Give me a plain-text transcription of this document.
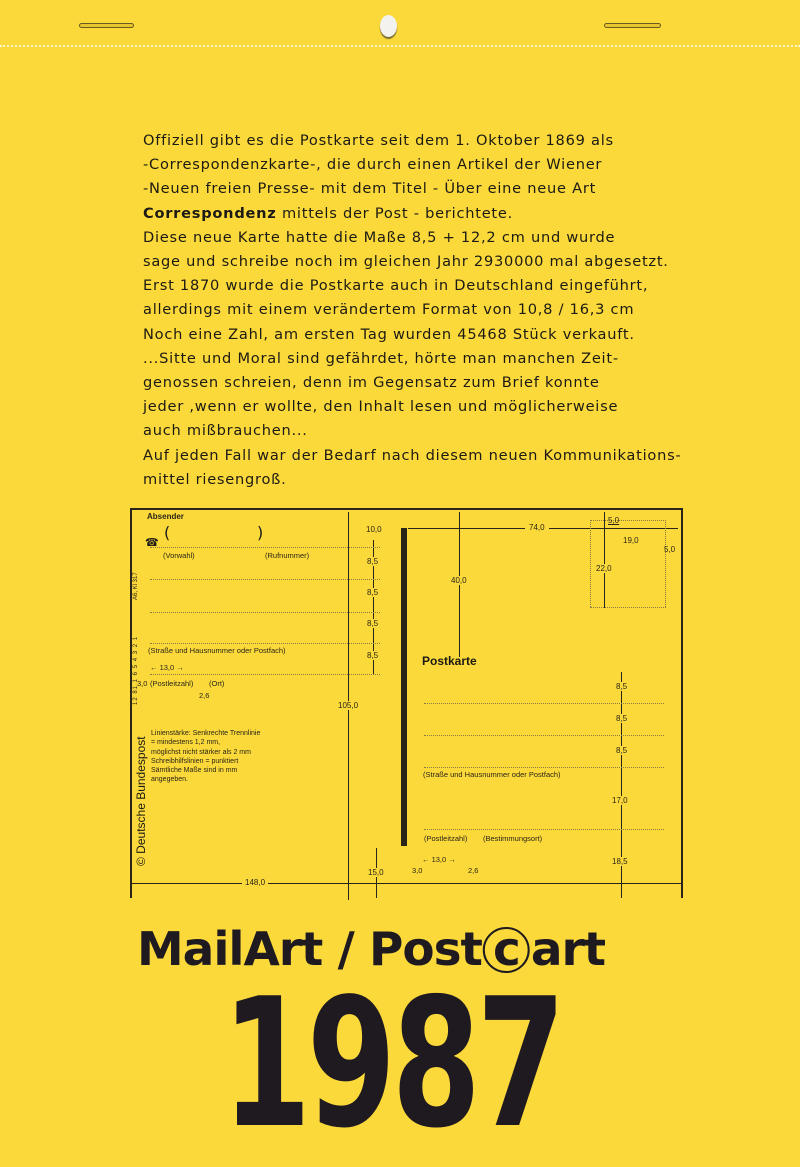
Offiziell gibt es die Postkarte seit dem 1. Oktober 1869 als
-Correspondenzkarte-, die durch einen Artikel der Wiener
-Neuen freien Presse- mit dem Titel - Über eine neue Art
Correspondenz mittels der Post - berichtete.
Diese neue Karte hatte die Maße 8,5 + 12,2 cm und wurde
sage und schreibe noch im gleichen Jahr 2930000 mal abgesetzt.
Erst 1870 wurde die Postkarte auch in Deutschland eingeführt,
allerdings mit einem verändertem Format von 10,8 / 16,3 cm
Noch eine Zahl, am ersten Tag wurden 45468 Stück verkauft.
...Sitte und Moral sind gefährdet, hörte man manchen Zeit-
genossen schreien, denn im Gegensatz zum Brief konnte
jeder ,wenn er wollte, den Inhalt lesen und möglicherweise
auch mißbrauchen...
Auf jeden Fall war der Bedarf nach diesem neuen Kommunikations-
mittel riesengroß.
Absender
(	)
☎
(Vorwahl)	(Rufnummer)
A6, Kl 317
12 81 1 6 5 4 3 2 1 (Straße und Hausnummer oder Postfach)
← 13,0 →
3,0 (Postleitzahl) (Ort)
2,6
Linienstärke: Senkrechte Trennlinie
= mindestens 1,2 mm,
möglichst nicht stärker als 2 mm
Schreibhilfslinien = punktiert
Sämtliche Maße sind in mm
angegeben.
© Deutsche Bundespost
10,0
8,5
8,5
8,5
8,5
105,0
148,0
15,0
74,0
5,0
19,0
5,0
40,0
22,0
Postkarte
8,5
8,5
8,5
(Straße und Hausnummer oder Postfach)
17,0
(Postleitzahl) (Bestimmungsort)
← 13,0 →
3,0	2,6
18,5
MailArt / Post c art
1987
